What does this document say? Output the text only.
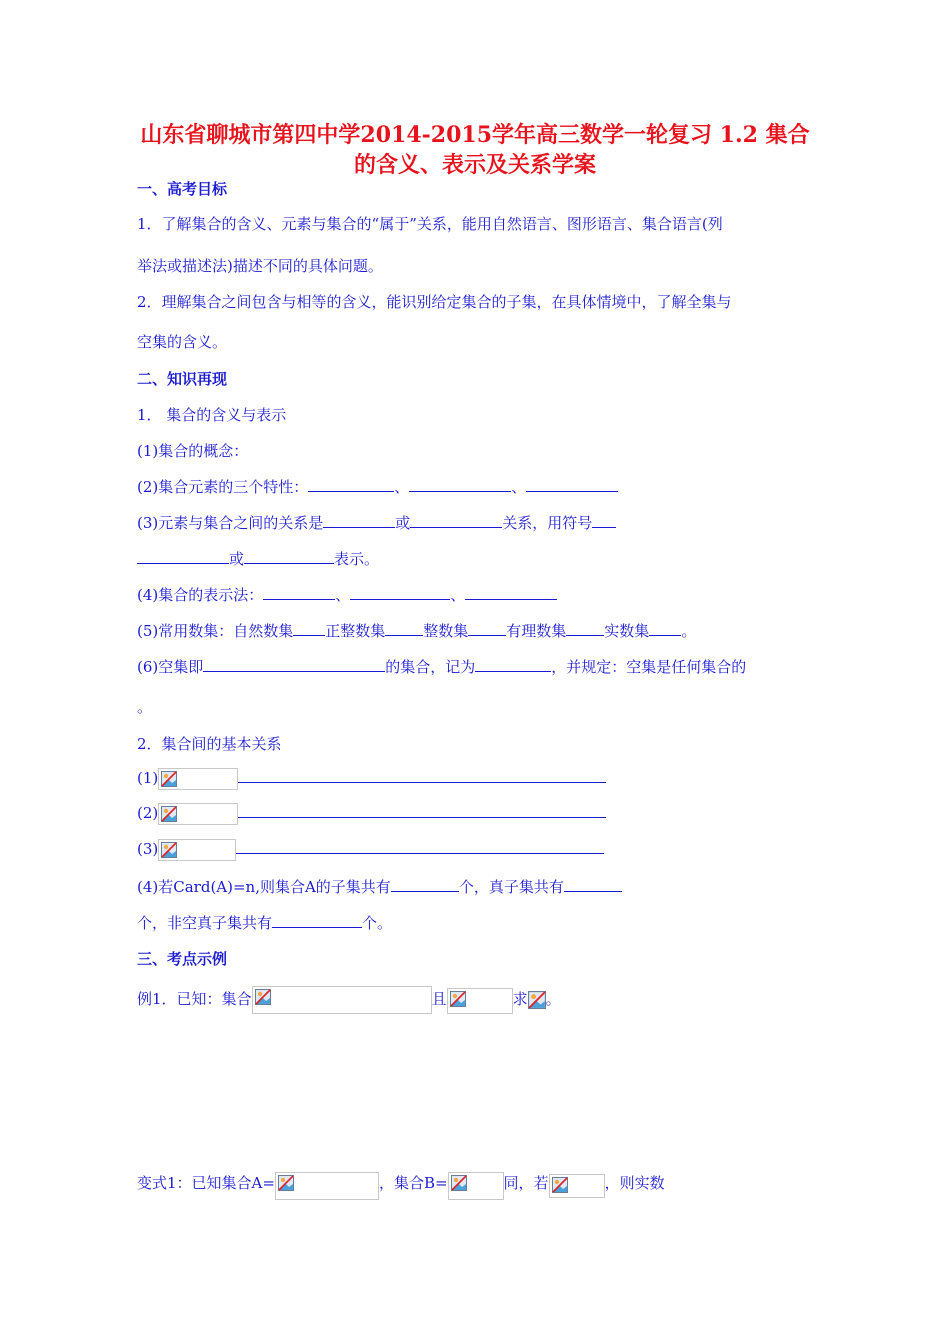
山东省聊城市第四中学2014-2015学年高三数学一轮复习 1.2 集合
的含义、表示及关系学案
一、高考目标
1．了解集合的含义、元素与集合的“属于”关系，能用自然语言、图形语言、集合语言(列
举法或描述法)描述不同的具体问题。
2．理解集合之间包含与相等的含义，能识别给定集合的子集，在具体情境中，了解全集与
空集的含义。
二、知识再现
1． 集合的含义与表示
(1)集合的概念：
(2)集合元素的三个特性：	、	、
(3)元素与集合之间的关系是	或	关系，用符号
或	表示。
(4)集合的表示法：	、	、
(5)常用数集：自然数集 正整数集	整数集	有理数集	实数集 。
(6)空集即	的集合，记为	，并规定：空集是任何集合的
。
2．集合间的基本关系
(1)
(2)
(3)
(4)若Card(A)=n,则集合A的子集共有	个，真子集共有
个，非空真子集共有	个。
三、考点示例
例1．已知：集合	且	求 。
变式1：已知集合A=	，集合B=	同，若	，则实数
